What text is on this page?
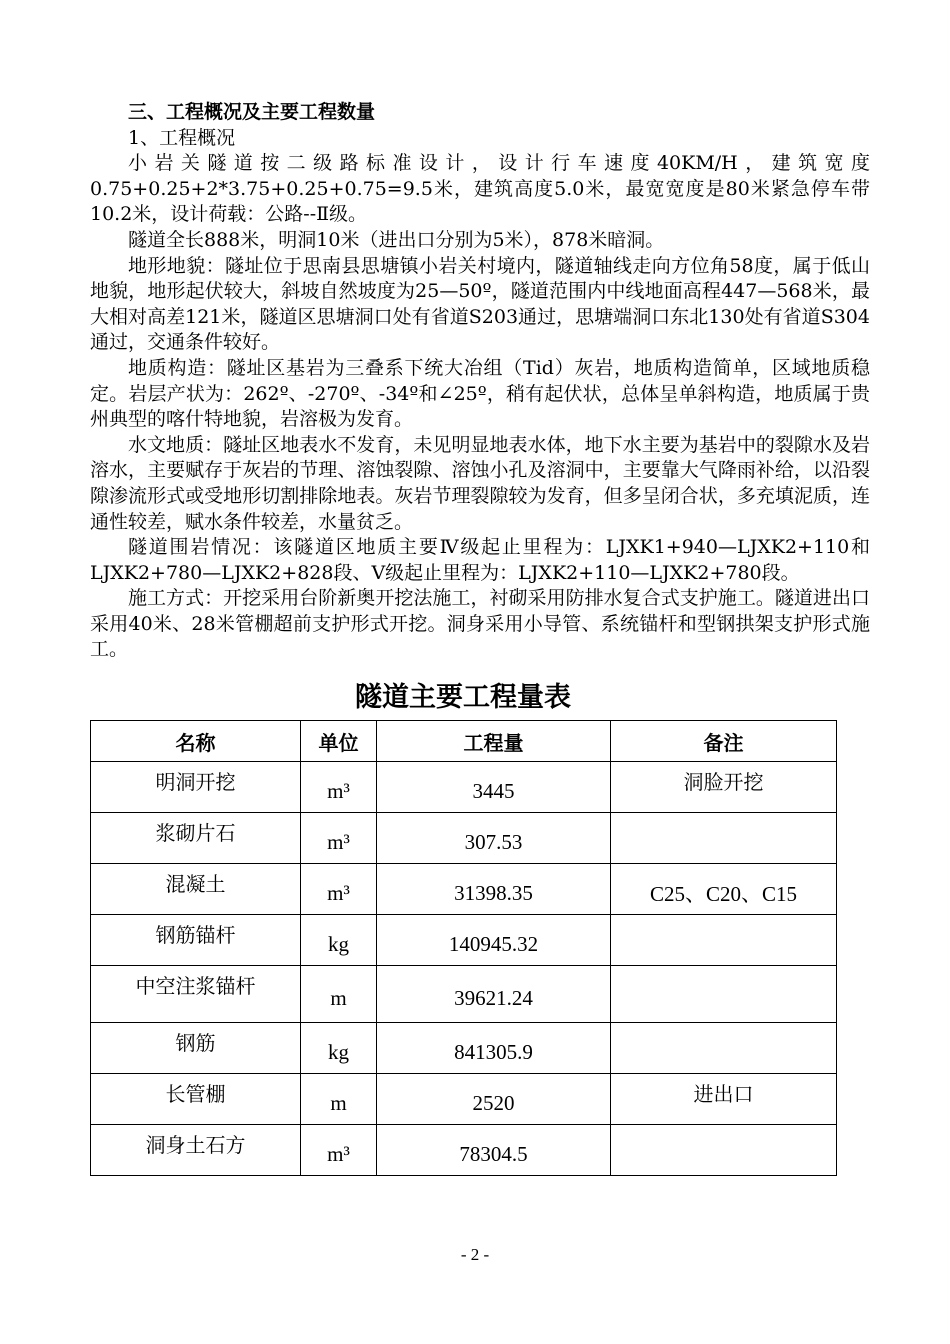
三、工程概况及主要工程数量

1、工程概况

小岩关隧道按二级路标准设计，设计行车速度40KM/H，建筑宽度0.75+0.25+2*3.75+0.25+0.75=9.5米，建筑高度5.0米，最宽宽度是80米紧急停车带10.2米，设计荷载：公路--Ⅱ级。

隧道全长888米，明洞10米（进出口分别为5米），878米暗洞。

地形地貌：隧址位于思南县思塘镇小岩关村境内，隧道轴线走向方位角58度，属于低山地貌，地形起伏较大，斜坡自然坡度为25—50º，隧道范围内中线地面高程447—568米，最大相对高差121米，隧道区思塘洞口处有省道S203通过，思塘端洞口东北130处有省道S304通过，交通条件较好。

地质构造：隧址区基岩为三叠系下统大冶组（Tid）灰岩，地质构造简单，区域地质稳定。岩层产状为：262º、-270º、-34º和∠25º，稍有起伏状，总体呈单斜构造，地质属于贵州典型的喀什特地貌，岩溶极为发育。

水文地质：隧址区地表水不发育，未见明显地表水体，地下水主要为基岩中的裂隙水及岩溶水，主要赋存于灰岩的节理、溶蚀裂隙、溶蚀小孔及溶洞中，主要靠大气降雨补给，以沿裂隙渗流形式或受地形切割排除地表。灰岩节理裂隙较为发育，但多呈闭合状，多充填泥质，连通性较差，赋水条件较差，水量贫乏。

隧道围岩情况：该隧道区地质主要Ⅳ级起止里程为：LJXK1+940—LJXK2+110和LJXK2+780—LJXK2+828段、Ⅴ级起止里程为：LJXK2+110—LJXK2+780段。

施工方式：开挖采用台阶新奥开挖法施工，衬砌采用防排水复合式支护施工。隧道进出口采用40米、28米管棚超前支护形式开挖。洞身采用小导管、系统锚杆和型钢拱架支护形式施工。

隧道主要工程量表
名称	单位	工程量	备注
明洞开挖	m³	3445	洞脸开挖
浆砌片石	m³	307.53	
混凝土	m³	31398.35	C25、C20、C15
钢筋锚杆	kg	140945.32	
中空注浆锚杆	m	39621.24	
钢筋	kg	841305.9	
长管棚	m	2520	进出口
洞身土石方	m³	78304.5	
- 2 -
